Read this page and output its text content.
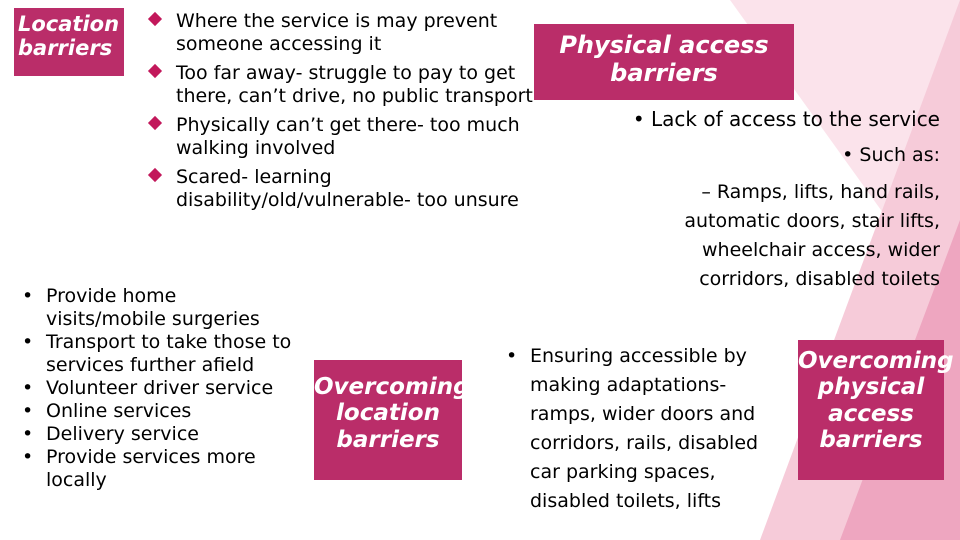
Location barriers
Where the service is may prevent someone accessing it
Too far away- struggle to pay to get there, can’t drive, no public transport
Physically can’t get there- too much walking involved
Scared- learning disability/old/vulnerable- too unsure
• Provide home visits/mobile surgeries
• Transport to take those to services further afield
• Volunteer driver service
• Online services
• Delivery service
• Provide services more locally
Overcoming location barriers
Physical access barriers
• Lack of access to the service
• Such as:
– Ramps, lifts, hand rails, automatic doors, stair lifts, wheelchair access, wider corridors, disabled toilets
• Ensuring accessible by making adaptations- ramps, wider doors and corridors, rails, disabled car parking spaces, disabled toilets, lifts
Overcoming physical access barriers
